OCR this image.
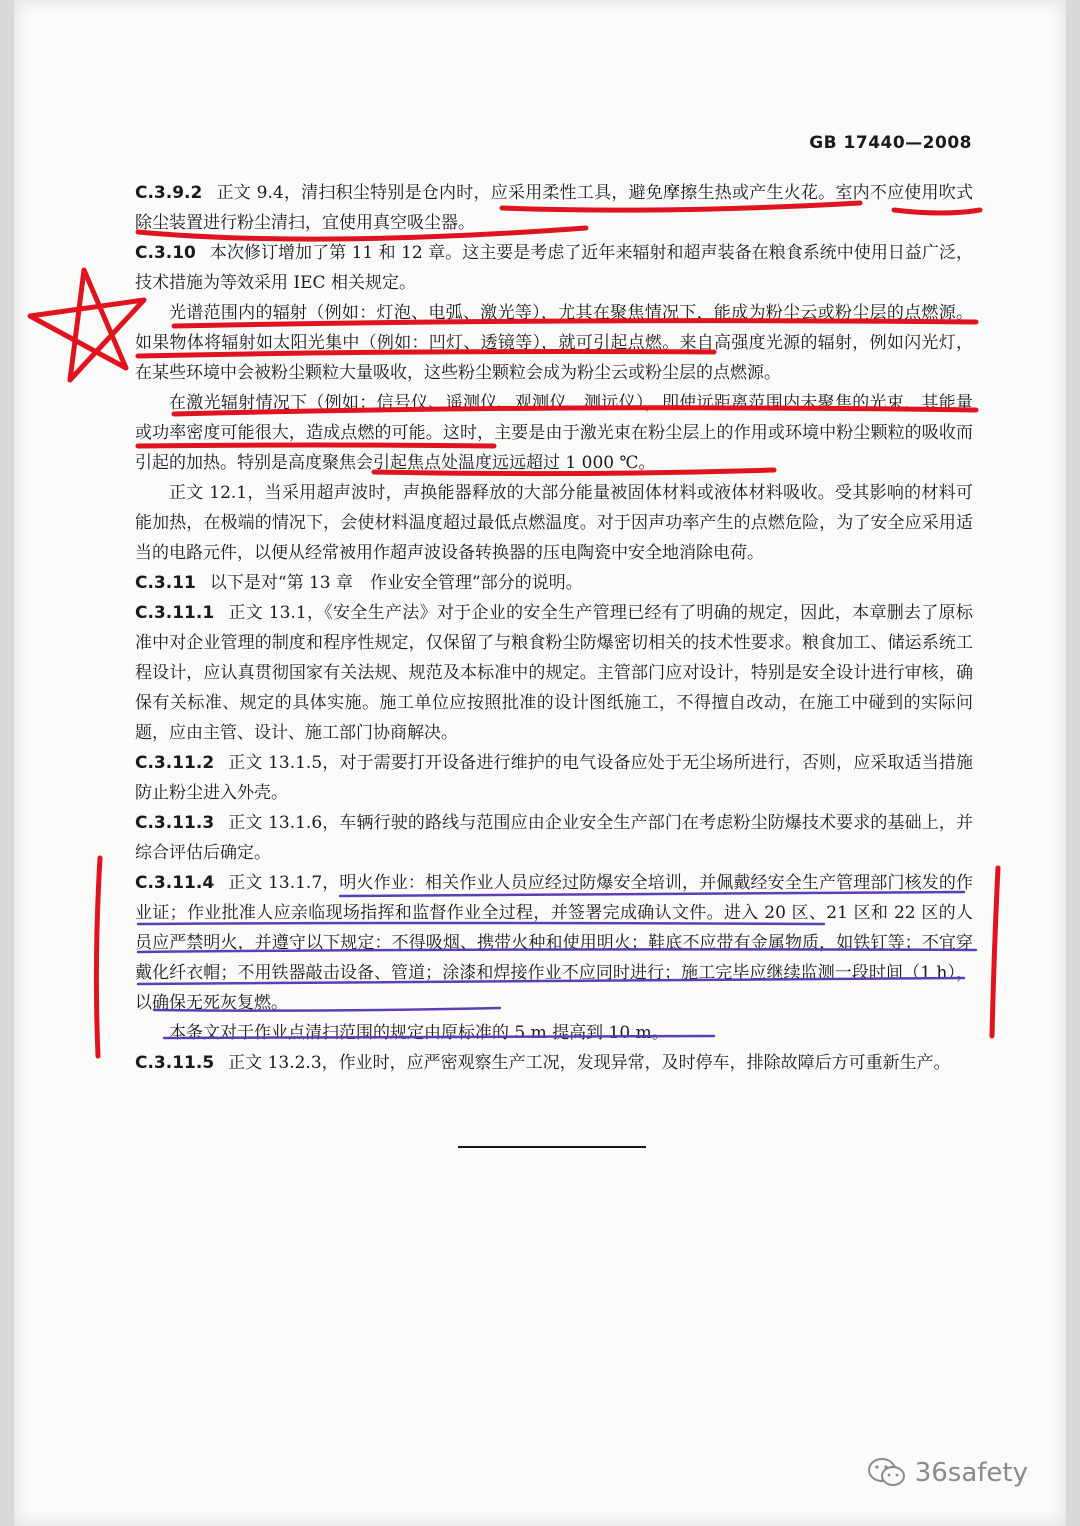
GB 17440—2008

C.3.9.2 正文 9.4，清扫积尘特别是仓内时，应采用柔性工具，避免摩擦生热或产生火花。室内不应使用吹式除尘装置进行粉尘清扫，宜使用真空吸尘器。

C.3.10 本次修订增加了第 11 和 12 章。这主要是考虑了近年来辐射和超声装备在粮食系统中使用日益广泛，技术措施为等效采用 IEC 相关规定。

光谱范围内的辐射（例如：灯泡、电弧、激光等），尤其在聚焦情况下，能成为粉尘云或粉尘层的点燃源。如果物体将辐射如太阳光集中（例如：凹灯、透镜等），就可引起点燃。来自高强度光源的辐射，例如闪光灯，在某些环境中会被粉尘颗粒大量吸收，这些粉尘颗粒会成为粉尘云或粉尘层的点燃源。

在激光辐射情况下（例如：信号仪、遥测仪、观测仪、测远仪），即使远距离范围内未聚焦的光束，其能量或功率密度可能很大，造成点燃的可能。这时，主要是由于激光束在粉尘层上的作用或环境中粉尘颗粒的吸收而引起的加热。特别是高度聚焦会引起焦点处温度远远超过 1 000 ℃。

正文 12.1，当采用超声波时，声换能器释放的大部分能量被固体材料或液体材料吸收。受其影响的材料可能加热，在极端的情况下，会使材料温度超过最低点燃温度。对于因声功率产生的点燃危险，为了安全应采用适当的电路元件，以便从经常被用作超声波设备转换器的压电陶瓷中安全地消除电荷。

C.3.11 以下是对“第 13 章　作业安全管理”部分的说明。

C.3.11.1 正文 13.1，《安全生产法》对于企业的安全生产管理已经有了明确的规定，因此，本章删去了原标准中对企业管理的制度和程序性规定，仅保留了与粮食粉尘防爆密切相关的技术性要求。粮食加工、储运系统工程设计，应认真贯彻国家有关法规、规范及本标准中的规定。主管部门应对设计，特别是安全设计进行审核，确保有关标准、规定的具体实施。施工单位应按照批准的设计图纸施工，不得擅自改动，在施工中碰到的实际问题，应由主管、设计、施工部门协商解决。

C.3.11.2 正文 13.1.5，对于需要打开设备进行维护的电气设备应处于无尘场所进行，否则，应采取适当措施防止粉尘进入外壳。

C.3.11.3 正文 13.1.6，车辆行驶的路线与范围应由企业安全生产部门在考虑粉尘防爆技术要求的基础上，并综合评估后确定。

C.3.11.4 正文 13.1.7，明火作业：相关作业人员应经过防爆安全培训，并佩戴经安全生产管理部门核发的作业证；作业批准人应亲临现场指挥和监督作业全过程，并签署完成确认文件。进入 20 区、21 区和 22 区的人员应严禁明火，并遵守以下规定：不得吸烟、携带火种和使用明火；鞋底不应带有金属物质，如铁钉等；不宜穿戴化纤衣帽；不用铁器敲击设备、管道；涂漆和焊接作业不应同时进行；施工完毕应继续监测一段时间（1 h），以确保无死灰复燃。

本条文对于作业点清扫范围的规定由原标准的 5 m 提高到 10 m。

C.3.11.5 正文 13.2.3，作业时，应严密观察生产工况，发现异常，及时停车，排除故障后方可重新生产。

36safety
